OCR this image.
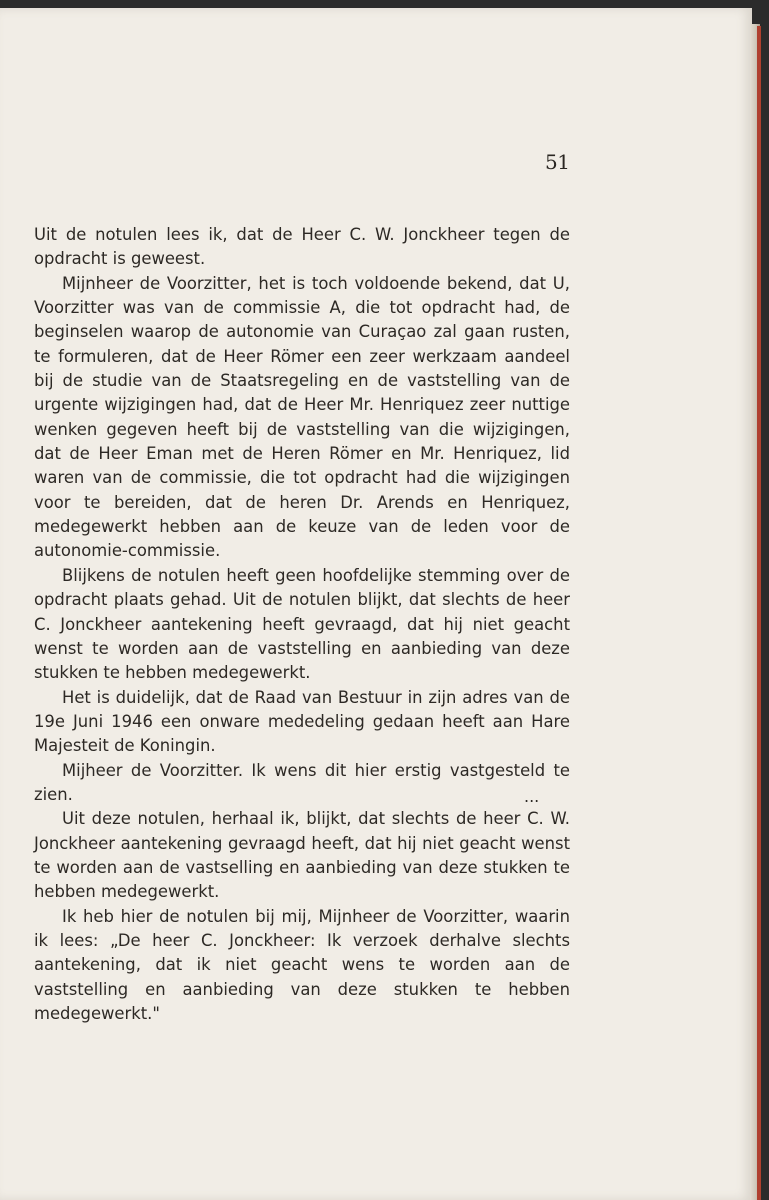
51

Uit de notulen lees ik, dat de Heer C. W. Jonckheer tegen de opdracht is geweest.

Mijnheer de Voorzitter, het is toch voldoende bekend, dat U, Voorzitter was van de commissie A, die tot opdracht had, de beginselen waarop de autonomie van Curaçao zal gaan rusten, te formuleren, dat de Heer Römer een zeer werkzaam aandeel bij de studie van de Staatsregeling en de vaststelling van de urgente wijzigingen had, dat de Heer Mr. Henriquez zeer nuttige wenken gegeven heeft bij de vaststelling van die wijzigingen, dat de Heer Eman met de Heren Römer en Mr. Henriquez, lid waren van de commissie, die tot opdracht had die wijzigingen voor te bereiden, dat de heren Dr. Arends en Henriquez, medegewerkt hebben aan de keuze van de leden voor de autonomie-commissie.

Blijkens de notulen heeft geen hoofdelijke stemming over de opdracht plaats gehad. Uit de notulen blijkt, dat slechts de heer C. Jonckheer aantekening heeft gevraagd, dat hij niet geacht wenst te worden aan de vaststelling en aanbieding van deze stukken te hebben medegewerkt.

Het is duidelijk, dat de Raad van Bestuur in zijn adres van de 19e Juni 1946 een onware mededeling gedaan heeft aan Hare Majesteit de Koningin.

Mijheer de Voorzitter. Ik wens dit hier erstig vastgesteld te zien.

Uit deze notulen, herhaal ik, blijkt, dat slechts de heer C. W. Jonckheer aantekening gevraagd heeft, dat hij niet geacht wenst te worden aan de vastselling en aanbieding van deze stukken te hebben medegewerkt.

Ik heb hier de notulen bij mij, Mijnheer de Voorzitter, waarin ik lees: „De heer C. Jonckheer: Ik verzoek derhalve slechts aantekening, dat ik niet geacht wens te worden aan de vaststelling en aanbieding van deze stukken te hebben medegewerkt."

...
